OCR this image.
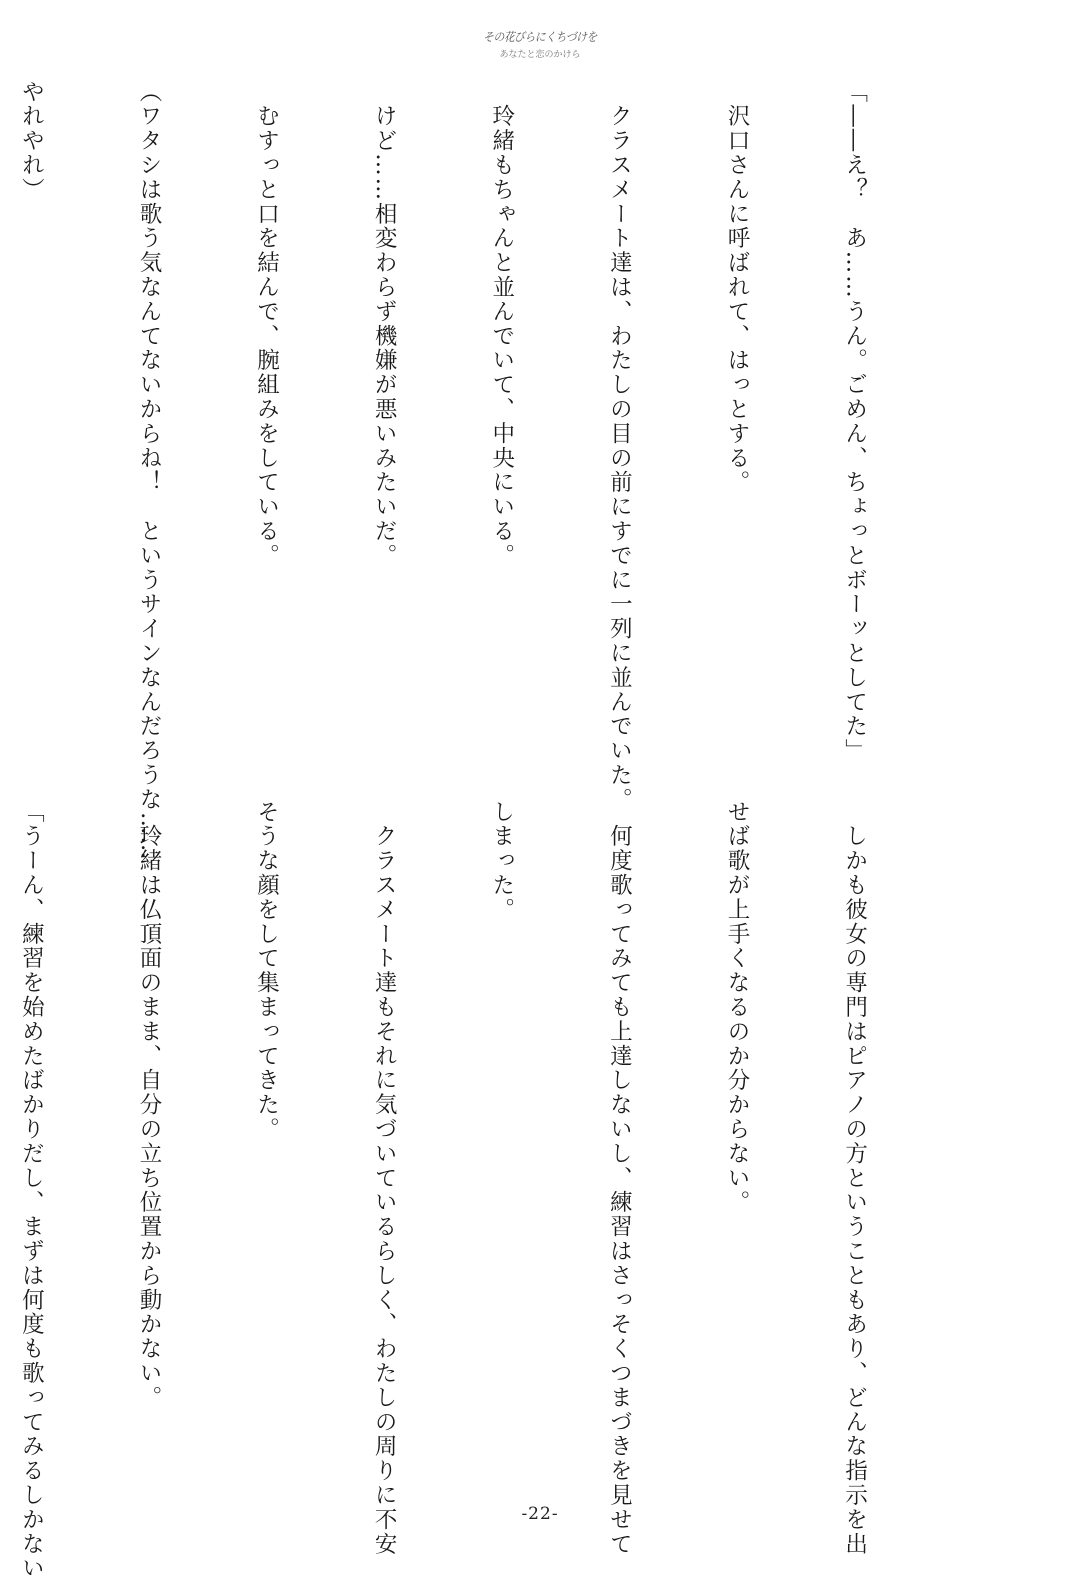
その花びらにくちづけを
あなたと恋のかけら

「――え？　あ……うん。ごめん、ちょっとボーッとしてた」

　沢口さんに呼ばれて、はっとする。

　クラスメート達は、わたしの目の前にすでに一列に並んでいた。

　玲緒もちゃんと並んでいて、中央にいる。

　けど……相変わらず機嫌が悪いみたいだ。

　むすっと口を結んで、腕組みをしている。

（ワタシは歌う気なんてないからね！　というサインなんだろうな……

やれやれ）

　しかも彼女の専門はピアノの方ということもあり、どんな指示を出

せば歌が上手くなるのか分からない。

　何度歌ってみても上達しないし、練習はさっそくつまづきを見せて

しまった。

　クラスメート達もそれに気づいているらしく、わたしの周りに不安

そうな顔をして集まってきた。

　玲緒は仏頂面のまま、自分の立ち位置から動かない。

「うーん、練習を始めたばかりだし、まずは何度も歌ってみるしかない

	-22-
